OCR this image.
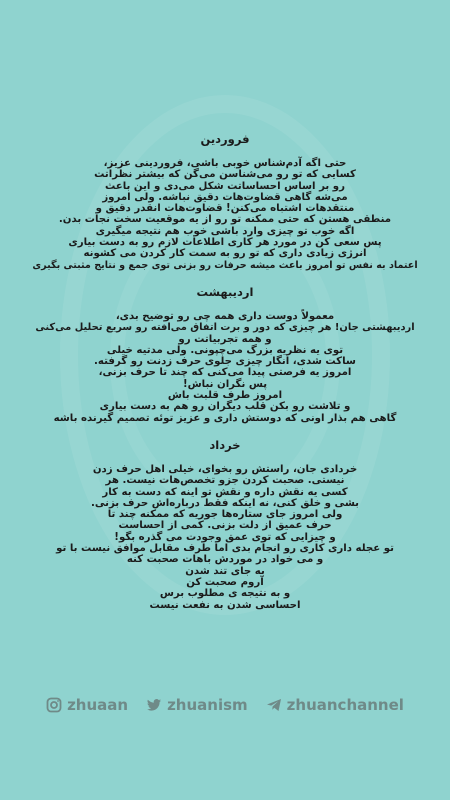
فروردین
حتی اگه آدم‌شناس خوبی باشی، فروردینی عزیز،
کسایی که تو رو می‌شناسن می‌گن که بیشتر نظراتت
رو بر اساس احساساتت شکل می‌دی و این باعث
می‌شه گاهی قضاوت‌هات دقیق نباشه. ولی امروز
منتقدهات اشتباه می‌کنن! قضاوت‌هات انقدر دقیق و
منطقی هستن که حتی ممکنه تو رو از یه موقعیت سخت نجات بدن.
اگه خوب تو چیزی وارد باشی خوب هم نتیجه میگیری
پس سعی کن در مورد هر کاری اطلاعات لازم رو به دست بیاری
انرژی زیادی داری که تو رو به سمت کار کردن می کشونه
اعتماد به نفس تو امروز باعث میشه حرفات رو بزنی توی جمع و نتایج مثبتی بگیری
اردیبهشت
معمولاً دوست داری همه چی رو توضیح بدی،
اردیبهشتی جان! هر چیزی که دور و برت اتفاق می‌افته رو سریع تحلیل می‌کنی
و همه تجربیاتت رو
توی یه نظریه بزرگ می‌چپونی. ولی مدتیه خیلی
ساکت شدی، انگار چیزی جلوی حرف زدنت رو گرفته.
امروز یه فرصتی پیدا می‌کنی که چند تا حرف بزنی،
پس نگران نباش!
امروز طرف قلبت باش
و تلاشت رو بکن قلب دیگران رو هم به دست بیاری
گاهی هم بذار اونی که دوستش داری و عزیز توئه تصمیم گیرنده باشه
خرداد
خردادی جان، راستش رو بخوای، خیلی اهل حرف زدن
نیستی. صحبت کردن جزو تخصص‌هات نیست. هر
کسی یه نقش داره و نقش تو اینه که دست به کار
بشی و خلق کنی، نه اینکه فقط درباره‌اش حرف بزنی.
ولی امروز جای ستاره‌ها جوریه که ممکنه چند تا
حرف عمیق از دلت بزنی. کمی از احساست
و چیزایی که توی عمق وجودت می گذره بگو!
تو عجله داری کاری رو انجام بدی اما طرف مقابل موافق نیست با تو
و می خواد در موردش باهات صحبت کنه
به جای تند شدن
آروم صحبت کن
و به نتیجه ی مطلوب برس
احساسی شدن به نفعت نیست
zhuaan	zhuanism	zhuanchannel
